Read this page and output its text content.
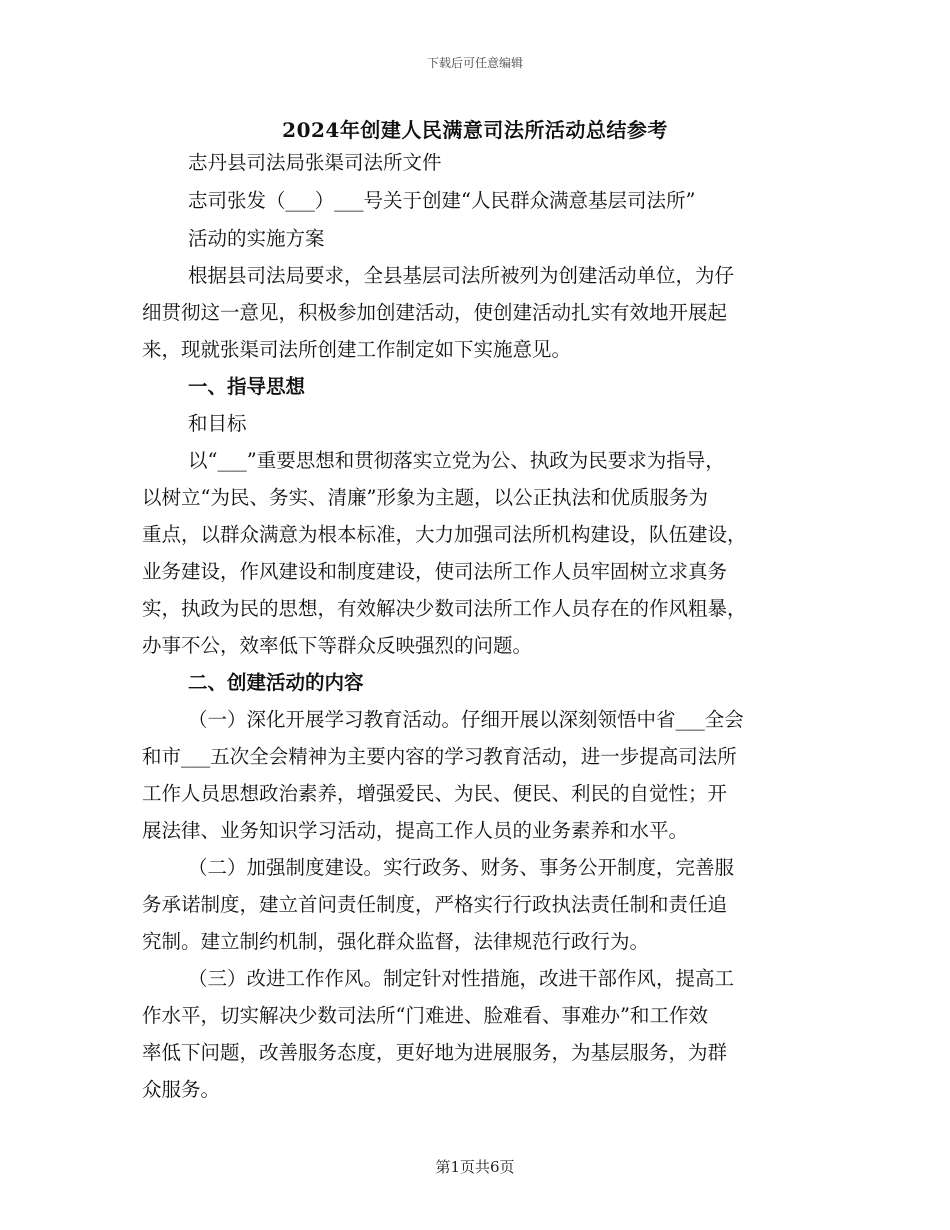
下载后可任意编辑
2024年创建人民满意司法所活动总结参考
志丹县司法局张渠司法所文件
志司张发（___）___号关于创建“人民群众满意基层司法所”
活动的实施方案
根据县司法局要求，全县基层司法所被列为创建活动单位，为仔
细贯彻这一意见，积极参加创建活动，使创建活动扎实有效地开展起
来，现就张渠司法所创建工作制定如下实施意见。
一、指导思想
和目标
以“___”重要思想和贯彻落实立党为公、执政为民要求为指导，
以树立“为民、务实、清廉”形象为主题，以公正执法和优质服务为
重点，以群众满意为根本标准，大力加强司法所机构建设，队伍建设，
业务建设，作风建设和制度建设，使司法所工作人员牢固树立求真务
实，执政为民的思想，有效解决少数司法所工作人员存在的作风粗暴，
办事不公，效率低下等群众反映强烈的问题。
二、创建活动的内容
（一）深化开展学习教育活动。仔细开展以深刻领悟中省___全会
和市___五次全会精神为主要内容的学习教育活动，进一步提高司法所
工作人员思想政治素养，增强爱民、为民、便民、利民的自觉性；开
展法律、业务知识学习活动，提高工作人员的业务素养和水平。
（二）加强制度建设。实行政务、财务、事务公开制度，完善服
务承诺制度，建立首问责任制度，严格实行行政执法责任制和责任追
究制。建立制约机制，强化群众监督，法律规范行政行为。
（三）改进工作作风。制定针对性措施，改进干部作风，提高工
作水平，切实解决少数司法所“门难进、脸难看、事难办”和工作效
率低下问题，改善服务态度，更好地为进展服务，为基层服务，为群
众服务。
第1页共6页
